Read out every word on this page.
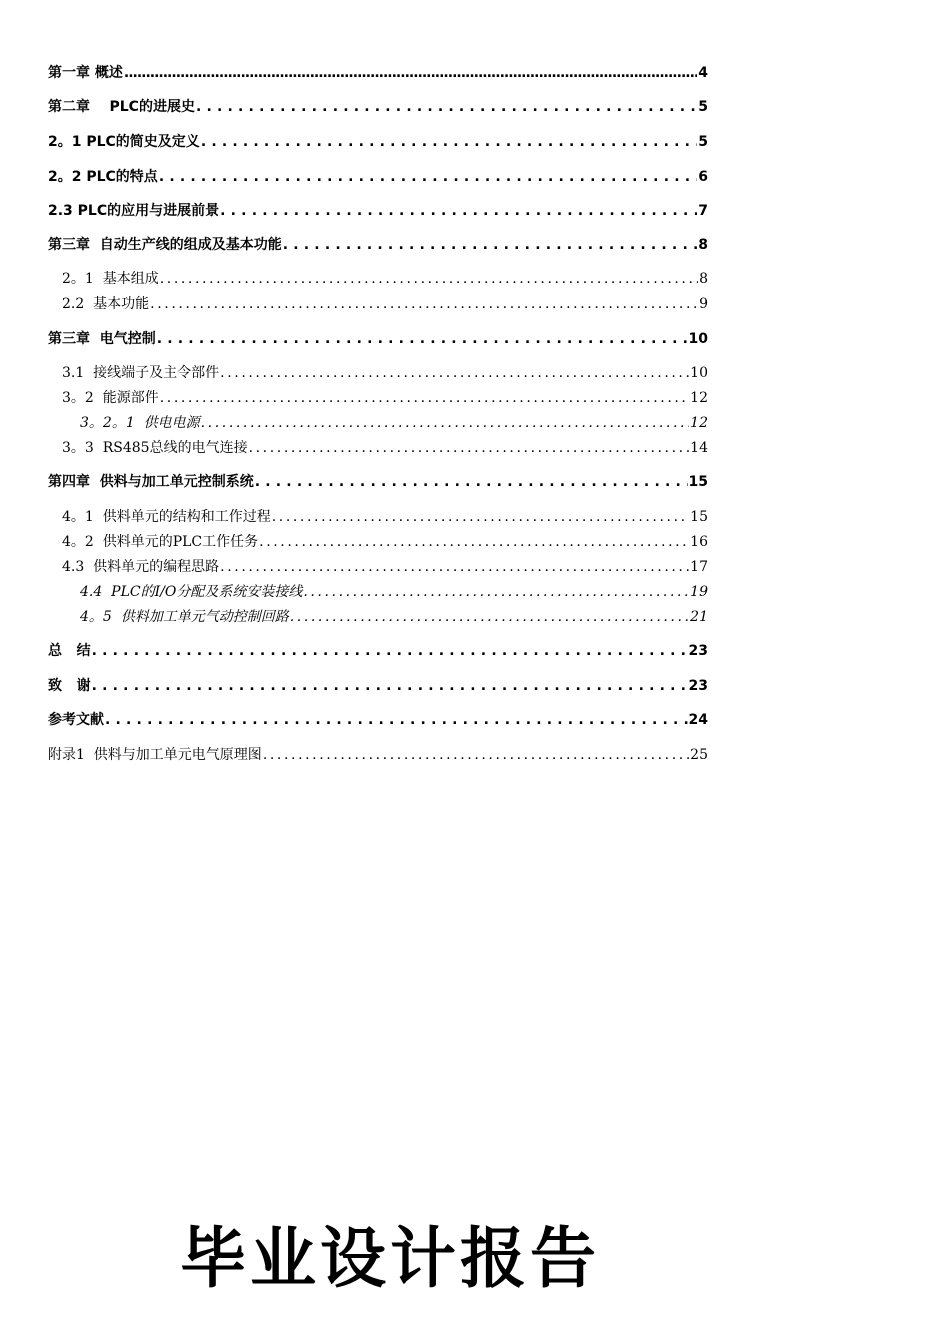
第一章 概述 .....	4
第二章    PLC的进展史 .....	5
2。1 PLC的简史及定义 .....	5
2。2 PLC的特点 .....	6
2.3 PLC的应用与进展前景 .....	7
第三章  自动生产线的组成及基本功能 .....	8
2。1  基本组成 .....	8
2.2  基本功能 .....	9
第三章  电气控制 .....	10
3.1  接线端子及主令部件 .....	10
3。2  能源部件 .....	12
3。2。1  供电电源 .....	12
3。3  RS485总线的电气连接 .....	14
第四章  供料与加工单元控制系统 .....	15
4。1  供料单元的结构和工作过程 .....	15
4。2  供料单元的PLC工作任务 .....	16
4.3  供料单元的编程思路 .....	17
4.4  PLC的I/O分配及系统安装接线 .....	19
4。5  供料加工单元气动控制回路 .....	21
总   结 .....	23
致   谢 .....	23
参考文献 .....	24
附录1  供料与加工单元电气原理图 .....	25
毕业设计报告
